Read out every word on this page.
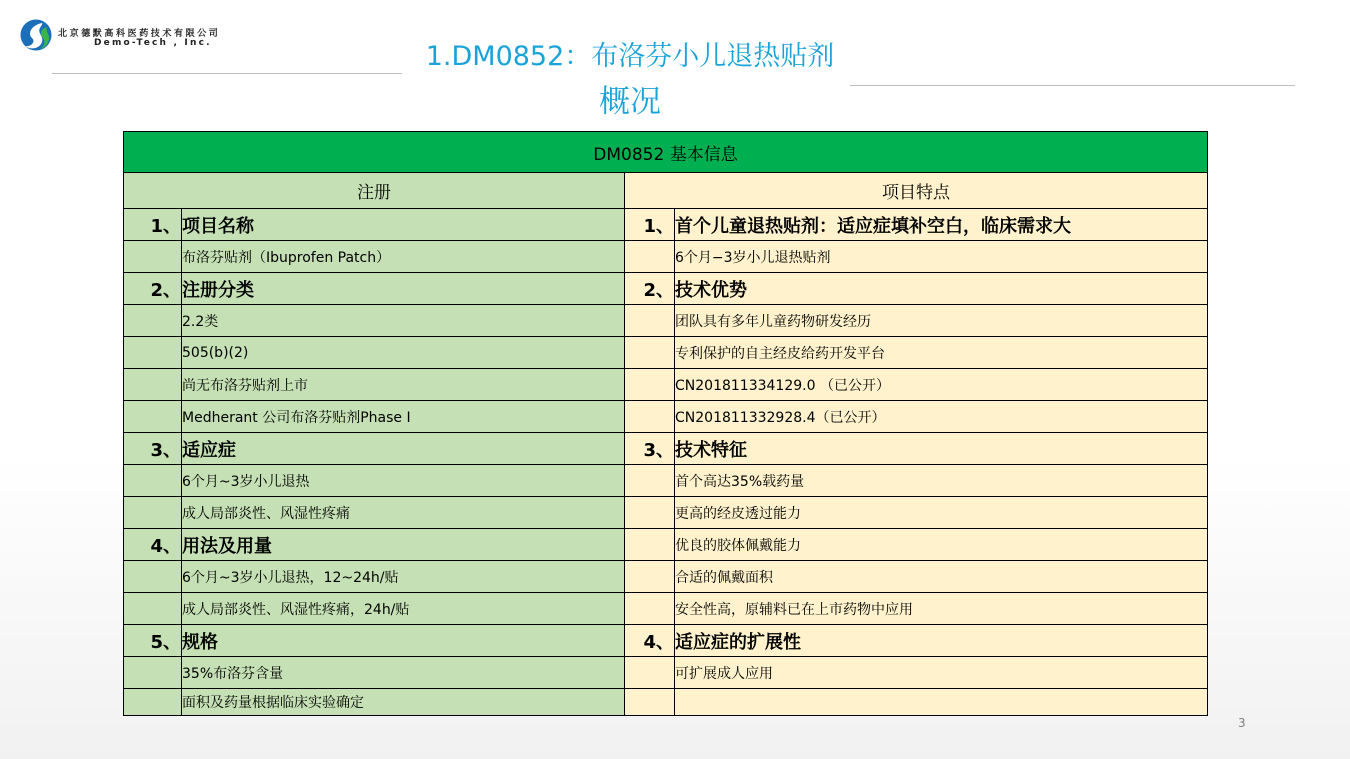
北京德默高科医药技术有限公司
Demo-Tech , Inc.	1.DM0852：布洛芬小儿退热贴剂
概况
DM0852 基本信息			
注册		项目特点	
1、	项目名称	1、	首个儿童退热贴剂：适应症填补空白，临床需求大
	布洛芬贴剂（Ibuprofen Patch）		6个月−3岁小儿退热贴剂
2、	注册分类	2、	技术优势
	2.2类		团队具有多年儿童药物研发经历
	505(b)(2)		专利保护的自主经皮给药开发平台
	尚无布洛芬贴剂上市		CN201811334129.0 （已公开）
	Medherant 公司布洛芬贴剂Phase I		CN201811332928.4（已公开）
3、	适应症	3、	技术特征
	6个月~3岁小儿退热		首个高达35%载药量
	成人局部炎性、风湿性疼痛		更高的经皮透过能力
4、	用法及用量		优良的胶体佩戴能力
	6个月~3岁小儿退热，12~24h/贴		合适的佩戴面积
	成人局部炎性、风湿性疼痛，24h/贴		安全性高，原辅料已在上市药物中应用
5、	规格	4、	适应症的扩展性
	35%布洛芬含量		可扩展成人应用
	面积及药量根据临床实验确定		
3
